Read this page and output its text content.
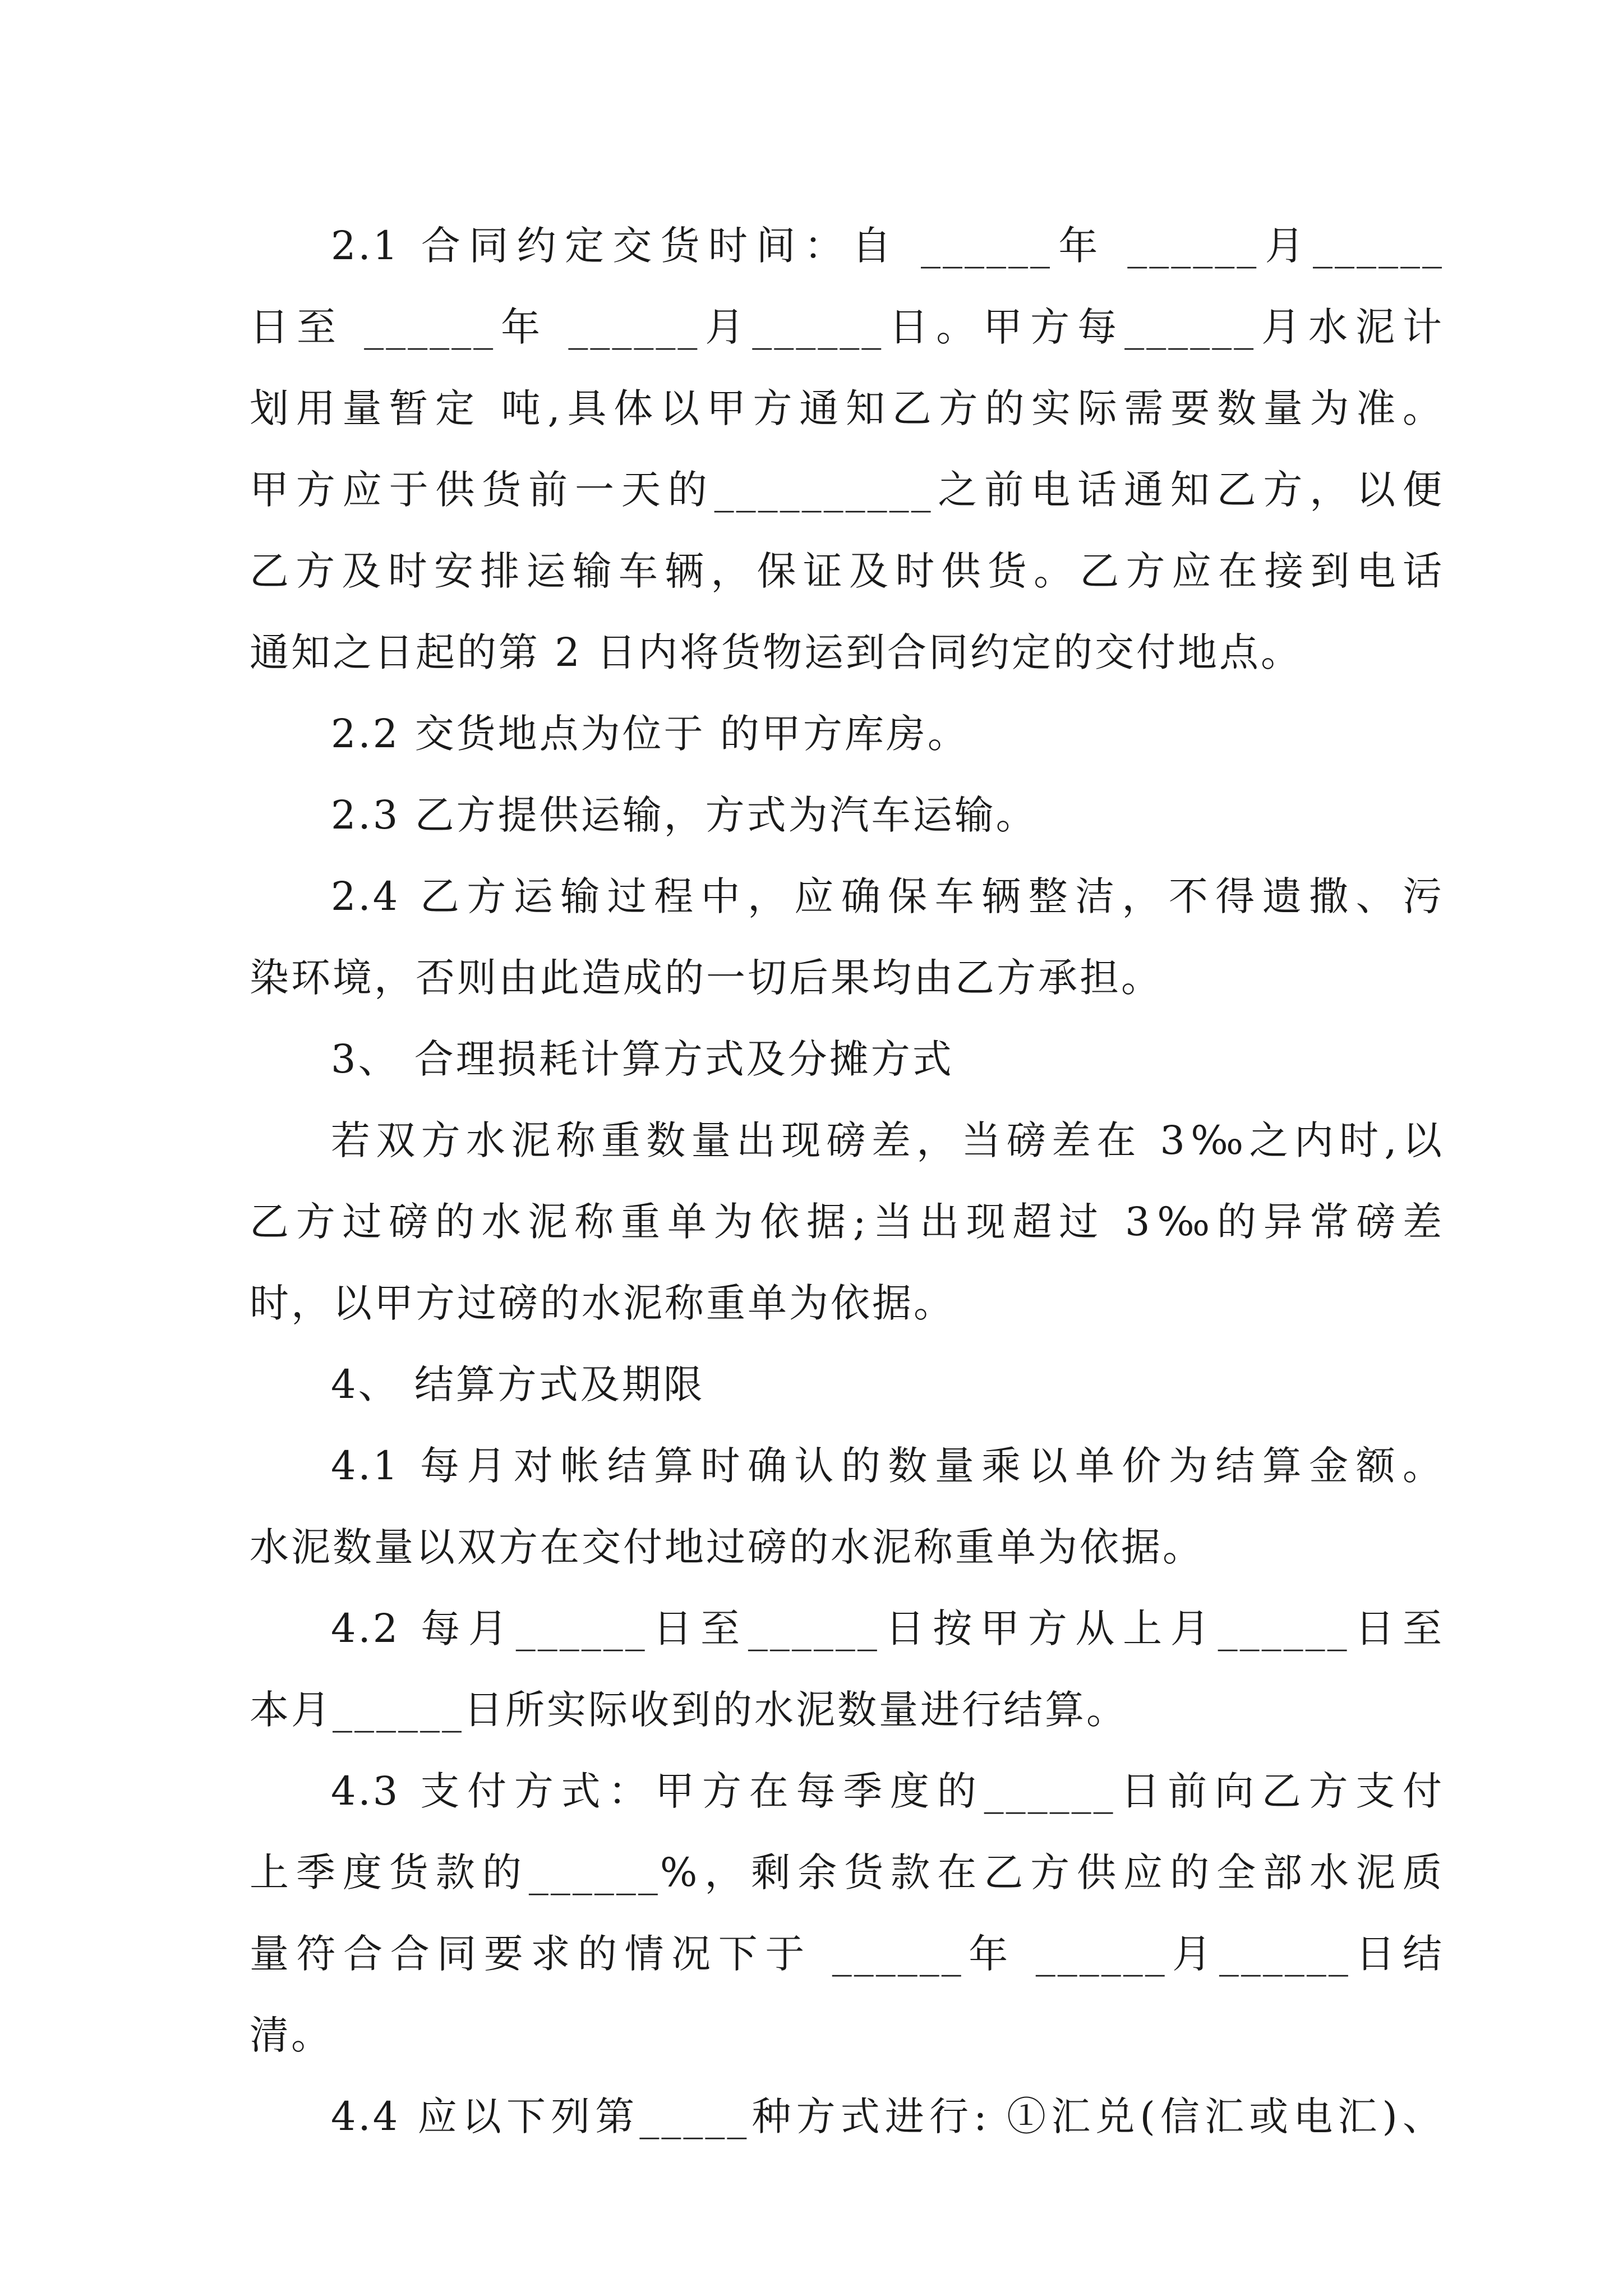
2.1 合同约定交货时间：自 ______年 ______月______

日至 ______年 ______月______日。甲方每______月水泥计

划用量暂定 吨,具体以甲方通知乙方的实际需要数量为准。

甲方应于供货前一天的__________之前电话通知乙方，以便

乙方及时安排运输车辆，保证及时供货。乙方应在接到电话

通知之日起的第 2 日内将货物运到合同约定的交付地点。

2.2 交货地点为位于 的甲方库房。

2.3 乙方提供运输，方式为汽车运输。

2.4 乙方运输过程中，应确保车辆整洁，不得遗撒、污

染环境，否则由此造成的一切后果均由乙方承担。

3、 合理损耗计算方式及分摊方式

若双方水泥称重数量出现磅差，当磅差在 3‰之内时,以

乙方过磅的水泥称重单为依据;当出现超过 3‰的异常磅差

时，以甲方过磅的水泥称重单为依据。

4、 结算方式及期限

4.1 每月对帐结算时确认的数量乘以单价为结算金额。

水泥数量以双方在交付地过磅的水泥称重单为依据。

4.2 每月______日至______日按甲方从上月______日至

本月______日所实际收到的水泥数量进行结算。

4.3 支付方式：甲方在每季度的______日前向乙方支付

上季度货款的______%，剩余货款在乙方供应的全部水泥质

量符合合同要求的情况下于 ______年 ______月______日结

清。

4.4 应以下列第_____种方式进行: ①汇兑(信汇或电汇)、
